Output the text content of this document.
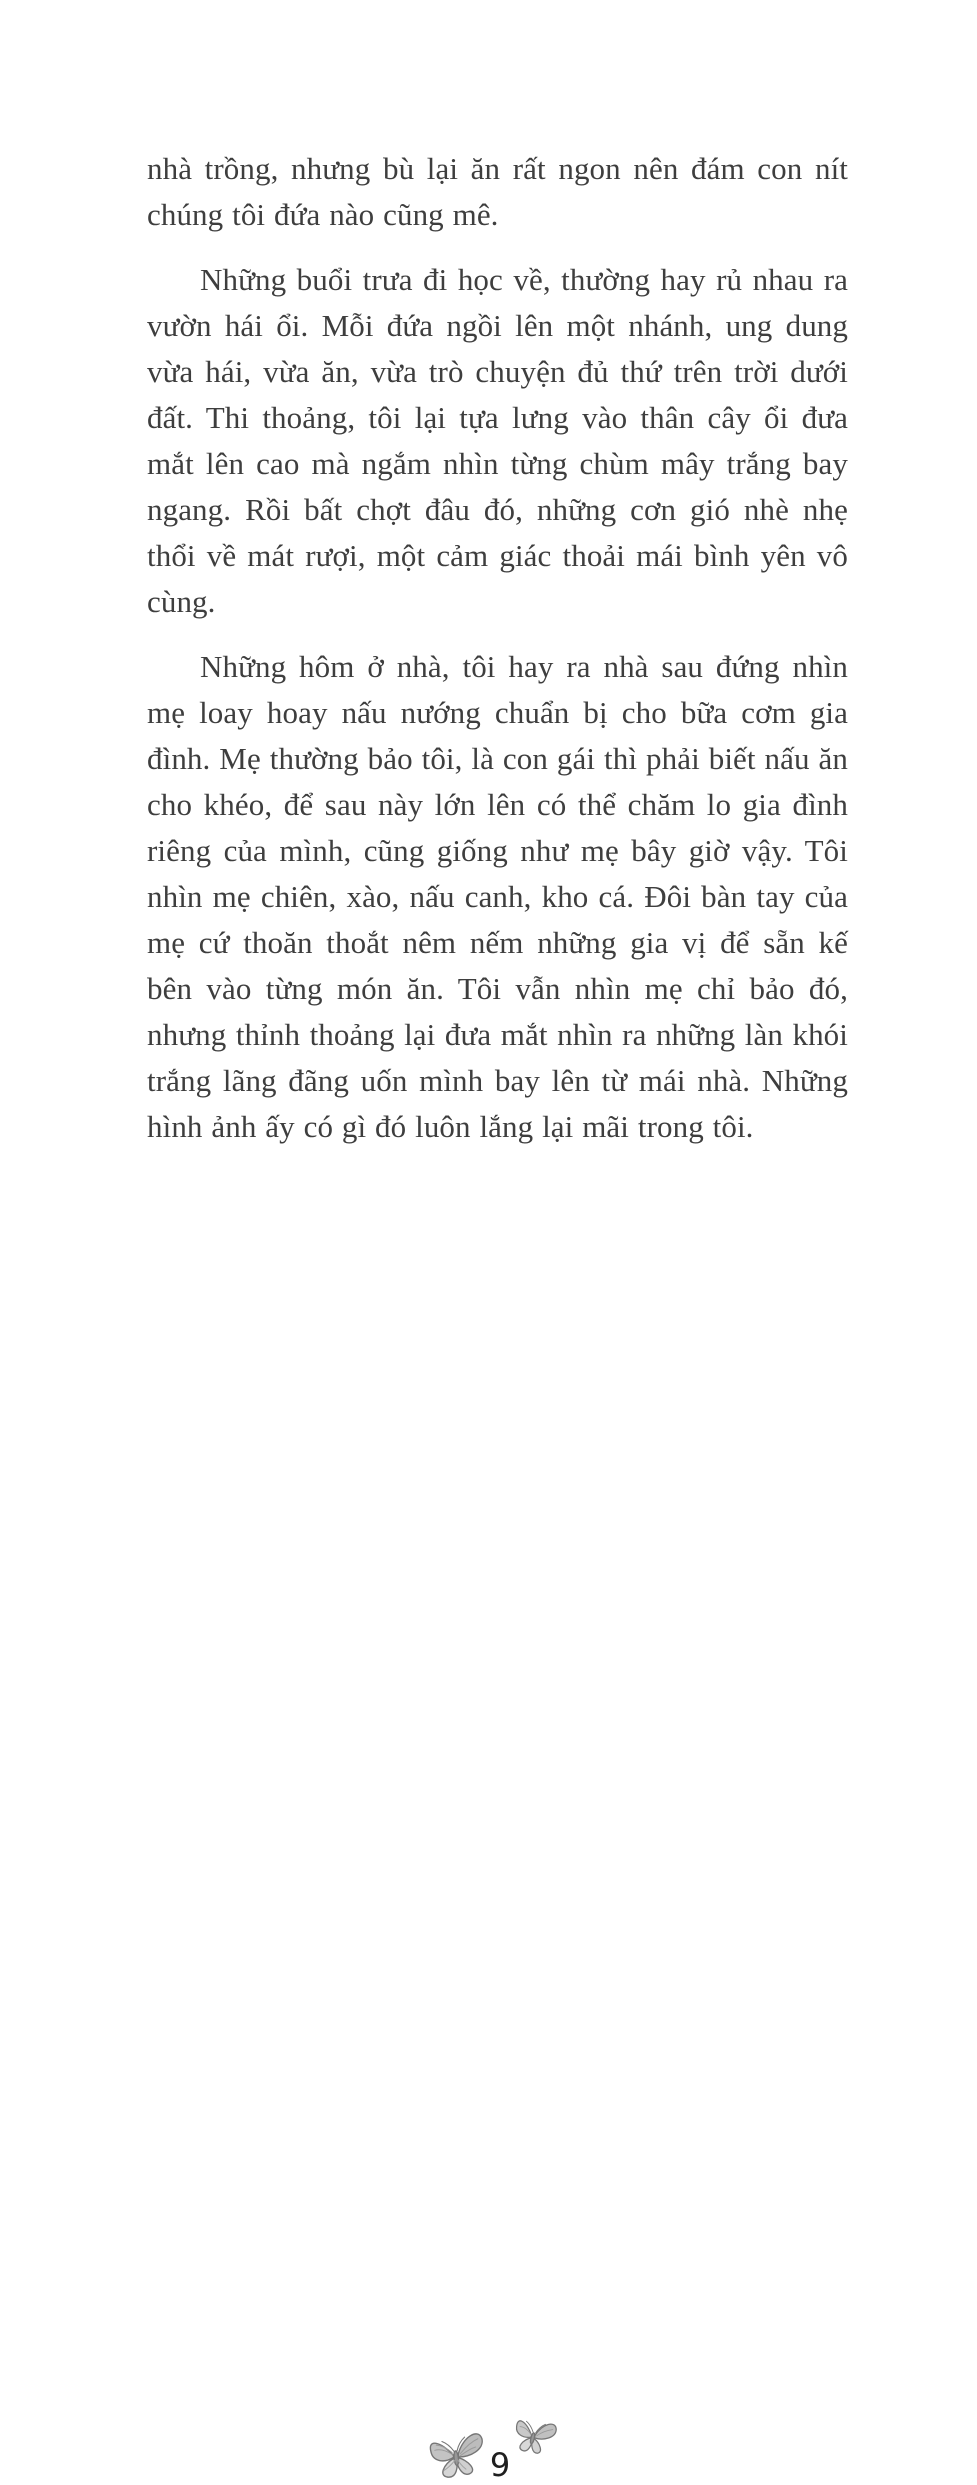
nhà trồng, nhưng bù lại ăn rất ngon nên đám con nít chúng tôi đứa nào cũng mê.

Những buổi trưa đi học về, thường hay rủ nhau ra vườn hái ổi. Mỗi đứa ngồi lên một nhánh, ung dung vừa hái, vừa ăn, vừa trò chuyện đủ thứ trên trời dưới đất. Thi thoảng, tôi lại tựa lưng vào thân cây ổi đưa mắt lên cao mà ngắm nhìn từng chùm mây trắng bay ngang. Rồi bất chợt đâu đó, những cơn gió nhè nhẹ thổi về mát rượi, một cảm giác thoải mái bình yên vô cùng.

Những hôm ở nhà, tôi hay ra nhà sau đứng nhìn mẹ loay hoay nấu nướng chuẩn bị cho bữa cơm gia đình. Mẹ thường bảo tôi, là con gái thì phải biết nấu ăn cho khéo, để sau này lớn lên có thể chăm lo gia đình riêng của mình, cũng giống như mẹ bây giờ vậy. Tôi nhìn mẹ chiên, xào, nấu canh, kho cá. Đôi bàn tay của mẹ cứ thoăn thoắt nêm nếm những gia vị để sẵn kế bên vào từng món ăn. Tôi vẫn nhìn mẹ chỉ bảo đó, nhưng thỉnh thoảng lại đưa mắt nhìn ra những làn khói trắng lãng đãng uốn mình bay lên từ mái nhà. Những hình ảnh ấy có gì đó luôn lắng lại mãi trong tôi.

9
